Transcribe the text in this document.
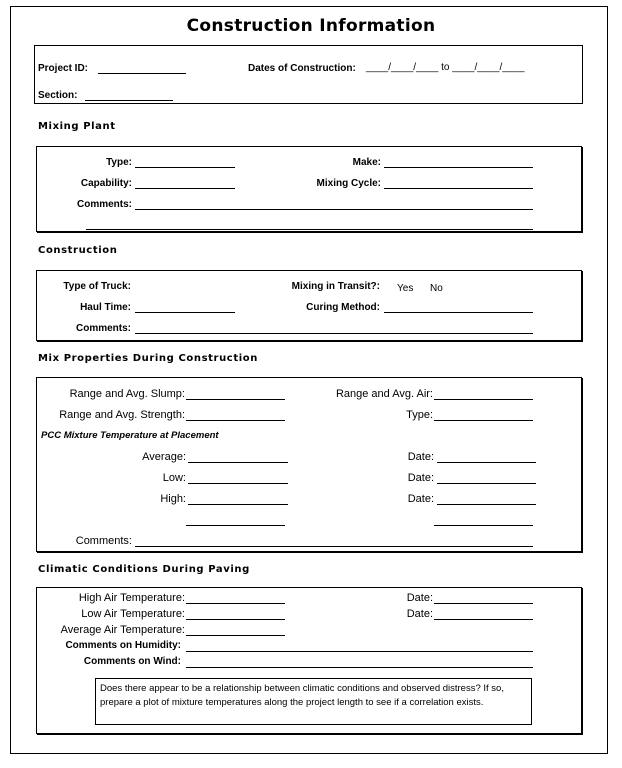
Construction Information
Project ID:	Dates of Construction: ____/____/____ to ____/____/____
Section:
Mixing Plant
Type:	Make:
Capability:	Mixing Cycle:
Comments:
Construction
Type of Truck:	Mixing in Transit?: Yes No
Haul Time:	Curing Method:
Comments:
Mix Properties During Construction
Range and Avg. Slump:	Range and Avg. Air:
Range and Avg. Strength:	Type:
PCC Mixture Temperature at Placement
Average:	Date:
Low:	Date:
High:	Date:
Comments:
Climatic Conditions During Paving
High Air Temperature:	Date:
Low Air Temperature:	Date:
Average Air Temperature:
Comments on Humidity:
Comments on Wind:
Does there appear to be a relationship between climatic conditions and observed distress? If so, prepare a plot of mixture temperatures along the project length to see if a correlation exists.
